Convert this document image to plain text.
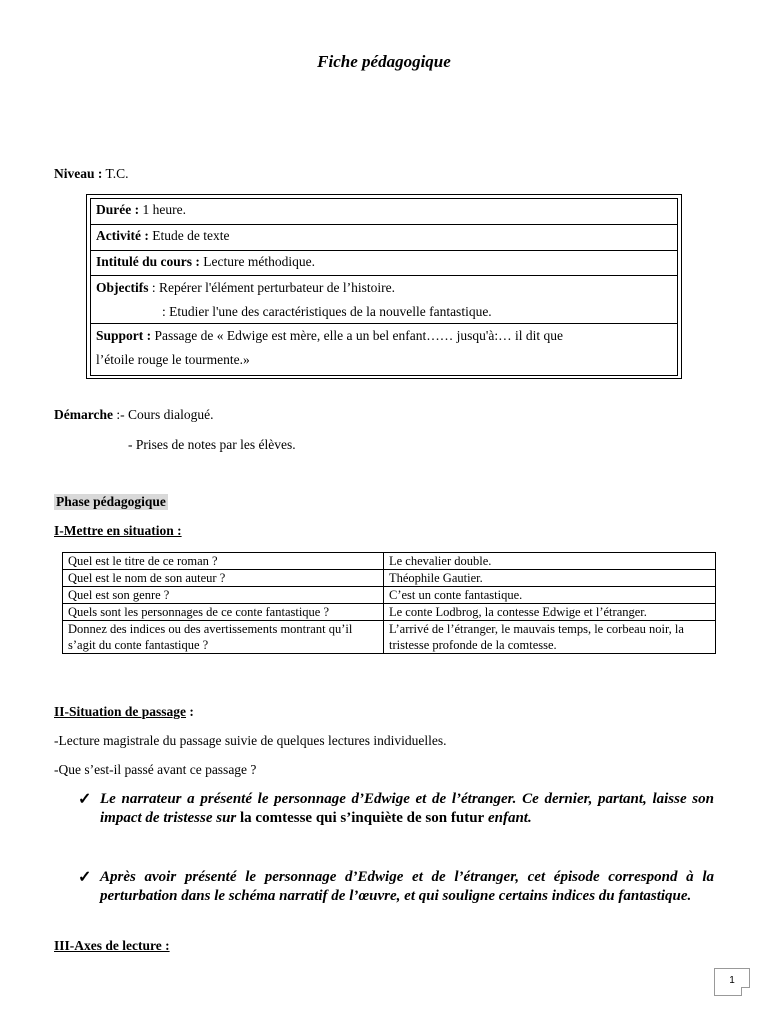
Fiche pédagogique
Niveau : T.C.
Durée : 1 heure.
Activité : Etude de texte
Intitulé du cours : Lecture méthodique.
Objectifs : Repérer l'élément perturbateur de l’histoire.
: Etudier l'une des caractéristiques de la nouvelle fantastique.
Support : Passage de « Edwige est mère, elle a un bel enfant…… jusqu'à:… il dit que
l’étoile rouge le tourmente.»
Démarche :- Cours dialogué.
- Prises de notes par les élèves.
Phase pédagogique
I-Mettre en situation :
Quel est le titre de ce roman ?	Le chevalier double.
Quel est le nom de son auteur ?	Théophile Gautier.
Quel est son genre ?	C’est un conte fantastique.
Quels sont les personnages de ce conte fantastique ?	Le conte Lodbrog, la contesse Edwige et l’étranger.
Donnez des indices ou des avertissements montrant qu’il s’agit du conte fantastique ?	L’arrivé de l’étranger, le mauvais temps, le corbeau noir, la tristesse profonde de la comtesse.
II-Situation de passage :
-Lecture magistrale du passage suivie de quelques lectures individuelles.
-Que s’est-il passé avant ce passage ?
✓ Le narrateur a présenté le personnage d’Edwige et de l’étranger. Ce dernier, partant, laisse son impact de tristesse sur la comtesse qui s’inquiète de son futur enfant.
✓ Après avoir présenté le personnage d’Edwige et de l’étranger, cet épisode correspond à la perturbation dans le schéma narratif de l’œuvre, et qui souligne certains indices du fantastique.
III-Axes de lecture :
1
